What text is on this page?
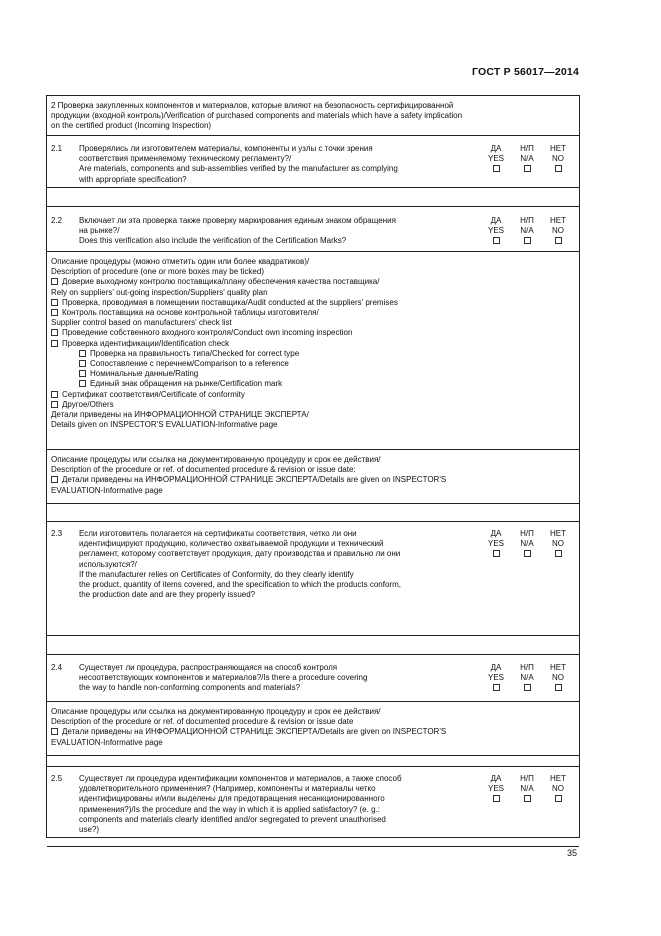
ГОСТ Р 56017—2014
2 Проверка закупленных компонентов и материалов, которые влияют на безопасность сертифицированной
продукции (входной контроль)/Verification of purchased components and materials which have a safety implication
on the certified product (Incoming Inspection)
2.1 Проверялись ли изготовителем материалы, компоненты и узлы с точки зрения
соответствия применяемому техническому регламенту?/
Are materials, components and sub-assemblies verified by the manufacturer as complying
with appropriate specification?
ДА
YES
Н/П
N/A
НЕТ
NO
2.2 Включает ли эта проверка также проверку маркирования единым знаком обращения
на рынке?/
Does this verification also include the verification of the Certification Marks?
ДА
YES
Н/П
N/A
НЕТ
NO
Описание процедуры (можно отметить один или более квадратиков)/
Description of procedure (one or more boxes may be ticked)
Доверие выходному контролю поставщика/плану обеспечения качества поставщика/
Rely on suppliers' out-going inspection/Suppliers' quality plan
Проверка, проводимая в помещении поставщика/Audit conducted at the suppliers' premises
Контроль поставщика на основе контрольной таблицы изготовителя/
Supplier control based on manufacturers' check list
Проведение собственного входного контроля/Conduct own incoming inspection
Проверка идентификации/Identification check
Проверка на правильность типа/Checked for correct type
Сопоставление с перечнем/Comparison to a reference
Номинальные данные/Rating
Единый знак обращения на рынке/Certification mark
Сертификат соответствия/Certificate of conformity
Другое/Others
Детали приведены на ИНФОРМАЦИОННОЙ СТРАНИЦЕ ЭКСПЕРТА/
Details given on INSPECTOR'S EVALUATION-Informative page
Описание процедуры или ссылка на документированную процедуру и срок ее действия/
Description of the procedure or ref. of documented procedure & revision or issue date:
Детали приведены на ИНФОРМАЦИОННОЙ СТРАНИЦЕ ЭКСПЕРТА/Details are given on INSPECTOR'S
EVALUATION-Informative page
2.3 Если изготовитель полагается на сертификаты соответствия, четко ли они
идентифицируют продукцию, количество охватываемой продукции и технический
регламент, которому соответствует продукция, дату производства и правильно ли они
используются?/
If the manufacturer relies on Certificates of Conformity, do they clearly identify
the product, quantity of items covered, and the specification to which the products conform,
the production date and are they properly issued?
ДА
YES
Н/П
N/A
НЕТ
NO
2.4 Существует ли процедура, распространяющаяся на способ контроля
несоответствующих компонентов и материалов?/Is there a procedure covering
the way to handle non-conforming components and materials?
ДА
YES
Н/П
N/A
НЕТ
NO
Описание процедуры или ссылка на документированную процедуру и срок ее действия/
Description of the procedure or ref. of documented procedure & revision or issue date
Детали приведены на ИНФОРМАЦИОННОЙ СТРАНИЦЕ ЭКСПЕРТА/Details are given on INSPECTOR'S
EVALUATION-Informative page
2.5 Существует ли процедура идентификации компонентов и материалов, а также способ
удовлетворительного применения? (Например, компоненты и материалы четко
идентифицированы и/или выделены для предотвращения несанкционированного
применения?)/Is the procedure and the way in which it is applied satisfactory? (e. g.:
components and materials clearly identified and/or segregated to prevent unauthorised
use?)
ДА
YES
Н/П
N/A
НЕТ
NO
35
